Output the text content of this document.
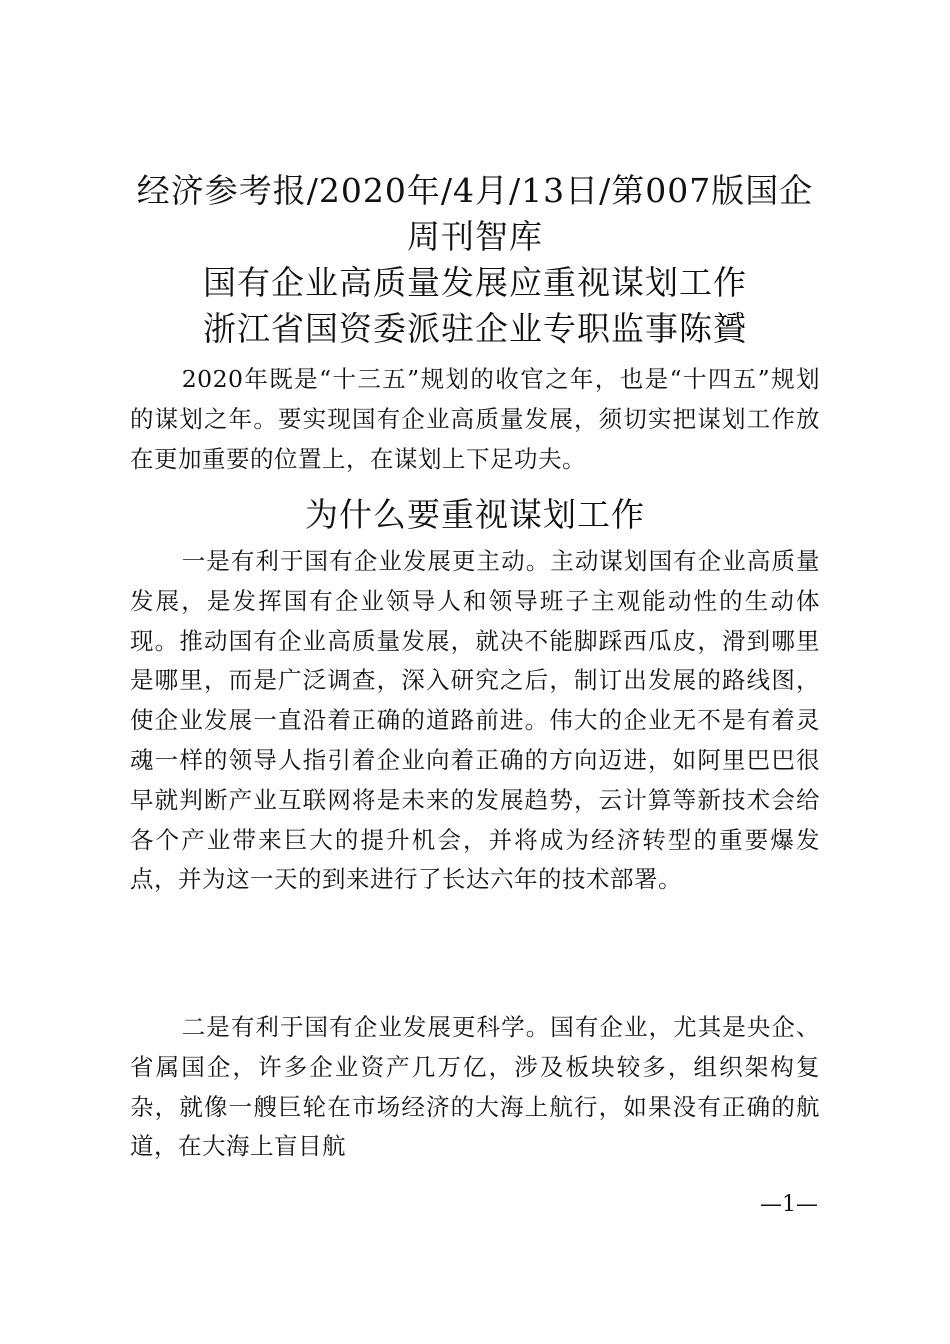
经济参考报/2020年/4月/13日/第007版国企
周刊智库
国有企业高质量发展应重视谋划工作
浙江省国资委派驻企业专职监事陈贇

2020年既是“十三五”规划的收官之年，也是“十四五”规划的谋划之年。要实现国有企业高质量发展，须切实把谋划工作放在更加重要的位置上，在谋划上下足功夫。

为什么要重视谋划工作

一是有利于国有企业发展更主动。主动谋划国有企业高质量发展，是发挥国有企业领导人和领导班子主观能动性的生动体现。推动国有企业高质量发展，就决不能脚踩西瓜皮，滑到哪里是哪里，而是广泛调查，深入研究之后，制订出发展的路线图，使企业发展一直沿着正确的道路前进。伟大的企业无不是有着灵魂一样的领导人指引着企业向着正确的方向迈进，如阿里巴巴很早就判断产业互联网将是未来的发展趋势，云计算等新技术会给各个产业带来巨大的提升机会，并将成为经济转型的重要爆发点，并为这一天的到来进行了长达六年的技术部署。

二是有利于国有企业发展更科学。国有企业，尤其是央企、省属国企，许多企业资产几万亿，涉及板块较多，组织架构复杂，就像一艘巨轮在市场经济的大海上航行，如果没有正确的航道，在大海上盲目航

—1—
